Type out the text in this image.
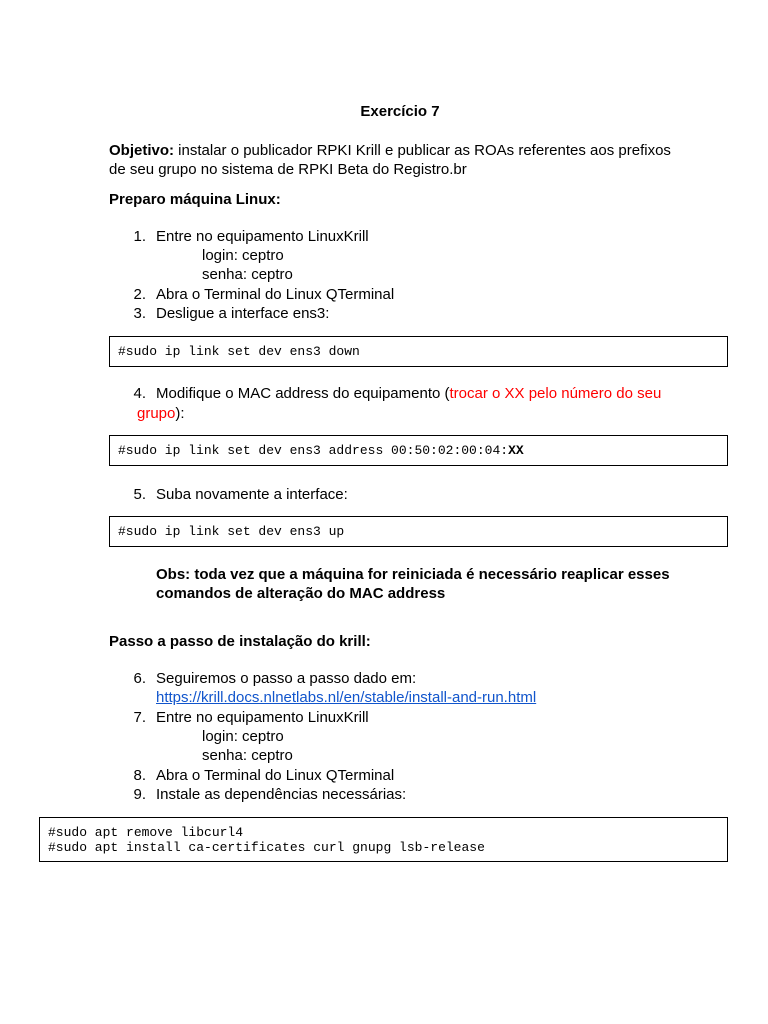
Exercício 7
Objetivo: instalar o publicador RPKI Krill e publicar as ROAs referentes aos prefixos
de seu grupo no sistema de RPKI Beta do Registro.br
Preparo máquina Linux:
1. Entre no equipamento LinuxKrill
login: ceptro
senha: ceptro
2. Abra o Terminal do Linux QTerminal
3. Desligue a interface ens3:
#sudo ip link set dev ens3 down
4. Modifique o MAC address do equipamento (trocar o XX pelo número do seu
grupo):
#sudo ip link set dev ens3 address 00:50:02:00:04:XX
5. Suba novamente a interface:
#sudo ip link set dev ens3 up
Obs: toda vez que a máquina for reiniciada é necessário reaplicar esses
comandos de alteração do MAC address
Passo a passo de instalação do krill:
6. Seguiremos o passo a passo dado em:
https://krill.docs.nlnetlabs.nl/en/stable/install-and-run.html
7. Entre no equipamento LinuxKrill
login: ceptro
senha: ceptro
8. Abra o Terminal do Linux QTerminal
9. Instale as dependências necessárias:
#sudo apt remove libcurl4
#sudo apt install ca-certificates curl gnupg lsb-release
